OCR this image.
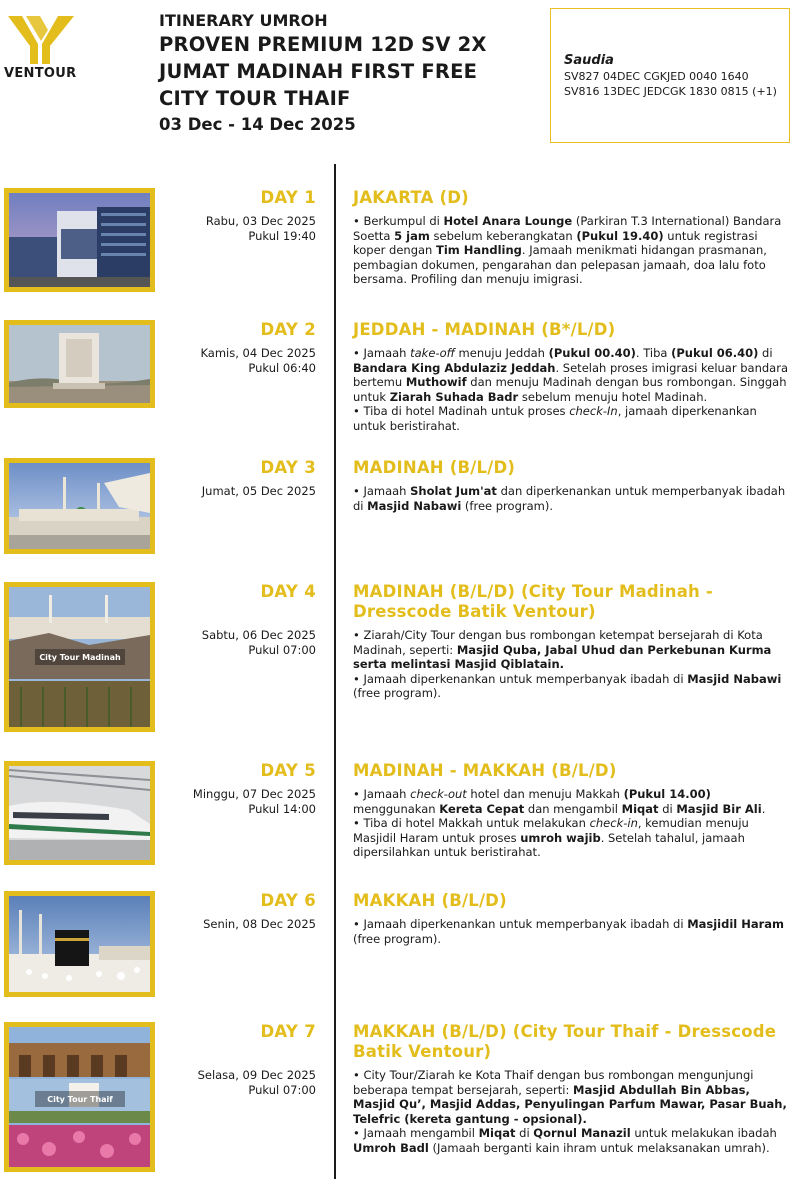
VENTOUR
ITINERARY UMROH
PROVEN PREMIUM 12D SV 2X
JUMAT MADINAH FIRST FREE
CITY TOUR THAIF
03 Dec - 14 Dec 2025
Saudia
SV827 04DEC CGKJED 0040 1640
SV816 13DEC JEDCGK 1830 0815 (+1)
DAY 1
Rabu, 03 Dec 2025
Pukul 19:40
JAKARTA (D)
• Berkumpul di Hotel Anara Lounge (Parkiran T.3 International) Bandara Soetta 5 jam sebelum keberangkatan (Pukul 19.40) untuk registrasi koper dengan Tim Handling. Jamaah menikmati hidangan prasmanan, pembagian dokumen, pengarahan dan pelepasan jamaah, doa lalu foto bersama. Profiling dan menuju imigrasi.
DAY 2
Kamis, 04 Dec 2025
Pukul 06:40
JEDDAH - MADINAH (B*/L/D)
• Jamaah take-off menuju Jeddah (Pukul 00.40). Tiba (Pukul 06.40) di Bandara King Abdulaziz Jeddah. Setelah proses imigrasi keluar bandara bertemu Muthowif dan menuju Madinah dengan bus rombongan. Singgah untuk Ziarah Suhada Badr sebelum menuju hotel Madinah.
• Tiba di hotel Madinah untuk proses check-In, jamaah diperkenankan untuk beristirahat.
DAY 3
Jumat, 05 Dec 2025
MADINAH (B/L/D)
• Jamaah Sholat Jum'at dan diperkenankan untuk memperbanyak ibadah di Masjid Nabawi (free program).
City Tour Madinah
DAY 4
Sabtu, 06 Dec 2025
Pukul 07:00
MADINAH (B/L/D) (City Tour Madinah - Dresscode Batik Ventour)
• Ziarah/City Tour dengan bus rombongan ketempat bersejarah di Kota Madinah, seperti: Masjid Quba, Jabal Uhud dan Perkebunan Kurma serta melintasi Masjid Qiblatain.
• Jamaah diperkenankan untuk memperbanyak ibadah di Masjid Nabawi (free program).
DAY 5
Minggu, 07 Dec 2025
Pukul 14:00
MADINAH - MAKKAH (B/L/D)
• Jamaah check-out hotel dan menuju Makkah (Pukul 14.00) menggunakan Kereta Cepat dan mengambil Miqat di Masjid Bir Ali.
• Tiba di hotel Makkah untuk melakukan check-in, kemudian menuju Masjidil Haram untuk proses umroh wajib. Setelah tahalul, jamaah dipersilahkan untuk beristirahat.
DAY 6
Senin, 08 Dec 2025
MAKKAH (B/L/D)
• Jamaah diperkenankan untuk memperbanyak ibadah di Masjidil Haram (free program).
City Tour Thaif
DAY 7
Selasa, 09 Dec 2025
Pukul 07:00
MAKKAH (B/L/D) (City Tour Thaif - Dresscode Batik Ventour)
• City Tour/Ziarah ke Kota Thaif dengan bus rombongan mengunjungi beberapa tempat bersejarah, seperti: Masjid Abdullah Bin Abbas, Masjid Qu’, Masjid Addas, Penyulingan Parfum Mawar, Pasar Buah, Telefric (kereta gantung - opsional).
• Jamaah mengambil Miqat di Qornul Manazil untuk melakukan ibadah Umroh Badl (Jamaah berganti kain ihram untuk melaksanakan umrah).
